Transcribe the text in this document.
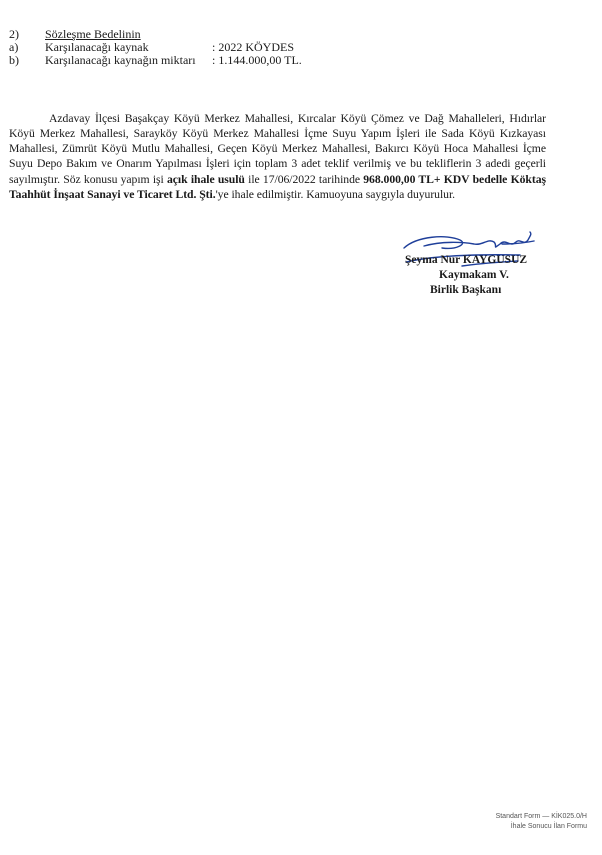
2)	Sözleşme Bedelinin
a)	Karşılanacağı kaynak	: 2022 KÖYDES
b)	Karşılanacağı kaynağın miktarı	: 1.144.000,00 TL.

Azdavay İlçesi Başakçay Köyü Merkez Mahallesi, Kırcalar Köyü Çömez ve Dağ Mahalleleri, Hıdırlar Köyü Merkez Mahallesi, Sarayköy Köyü Merkez Mahallesi İçme Suyu Yapım İşleri ile Sada Köyü Kızkayası Mahallesi, Zümrüt Köyü Mutlu Mahallesi, Geçen Köyü Merkez Mahallesi, Bakırcı Köyü Hoca Mahallesi İçme Suyu Depo Bakım ve Onarım Yapılması İşleri için toplam 3 adet teklif verilmiş ve bu tekliflerin 3 adedi geçerli sayılmıştır. Söz konusu yapım işi açık ihale usulü ile 17/06/2022 tarihinde 968.000,00 TL+ KDV bedelle Köktaş Taahhüt İnşaat Sanayi ve Ticaret Ltd. Şti.'ye ihale edilmiştir. Kamuoyuna saygıyla duyurulur.

Şeyma Nur KAYGUSUZ
Kaymakam V.
Birlik Başkanı
Standart Form — KİK025.0/H
İhale Sonucu İlan Formu
